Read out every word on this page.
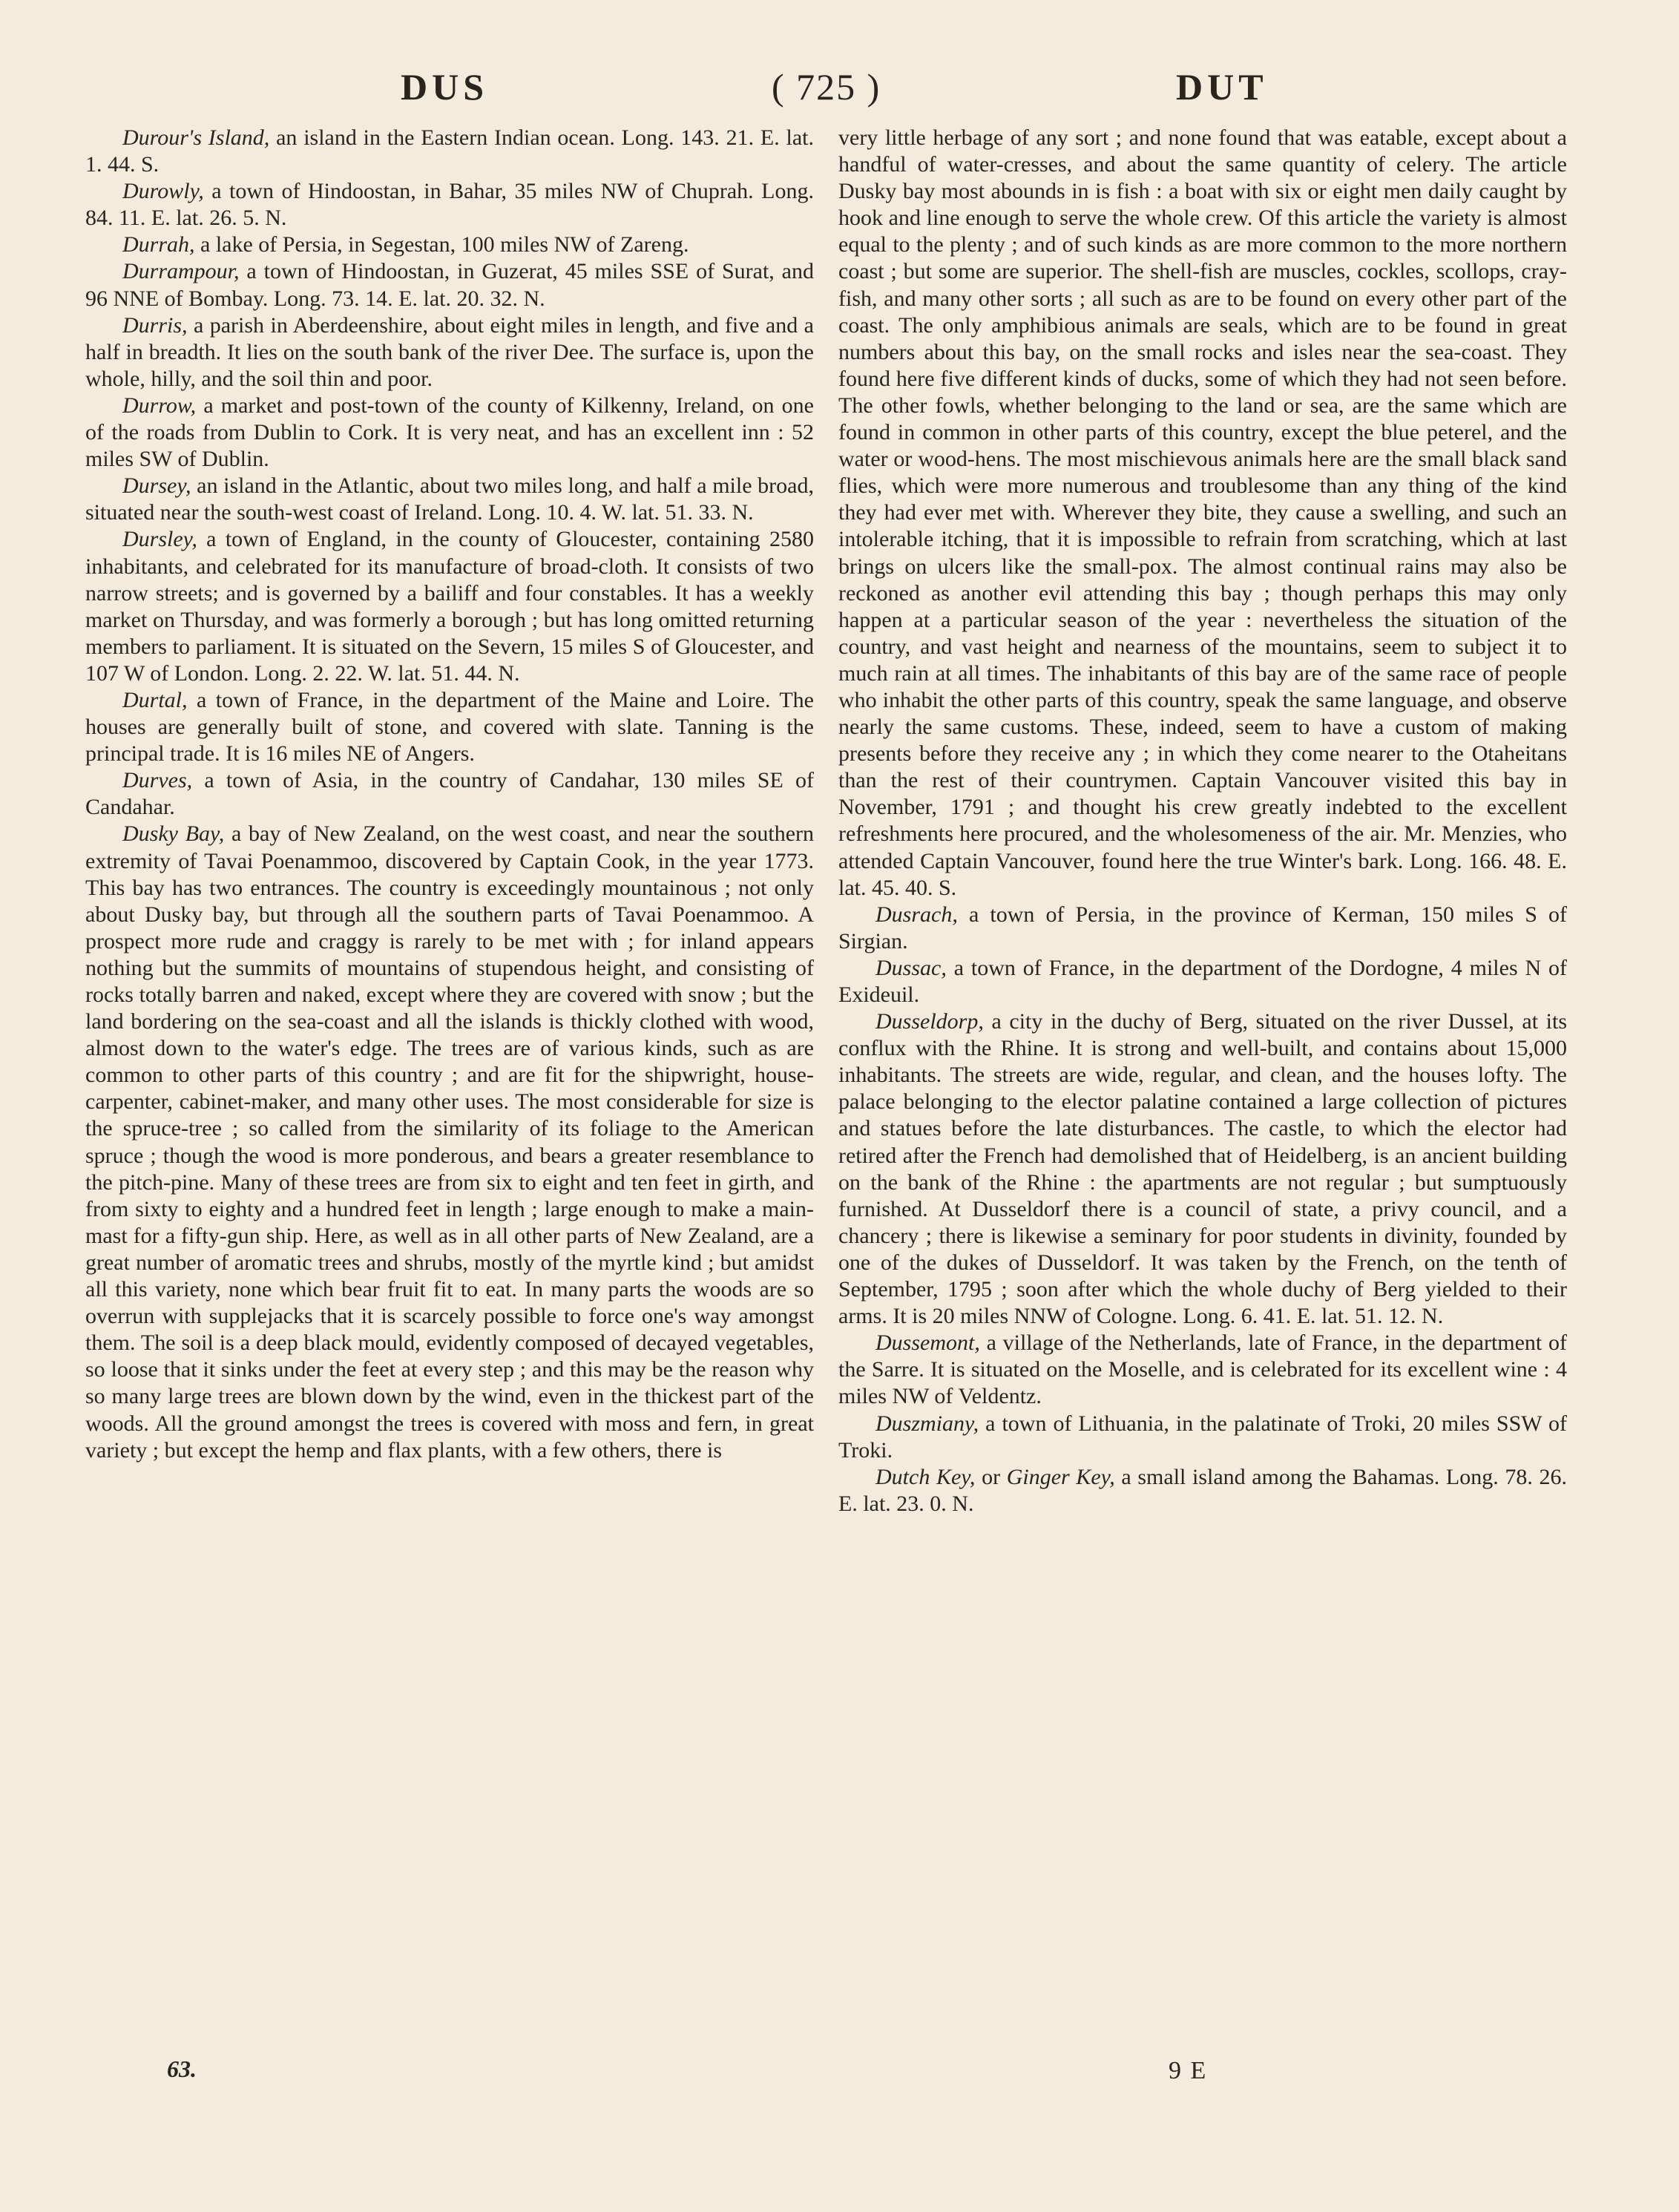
DUS	( 725 )	DUT

Durour's Island, an island in the Eastern Indian ocean. Long. 143. 21. E. lat. 1. 44. S.

Durowly, a town of Hindoostan, in Bahar, 35 miles NW of Chuprah. Long. 84. 11. E. lat. 26. 5. N.

Durrah, a lake of Persia, in Segestan, 100 miles NW of Zareng.

Durrampour, a town of Hindoostan, in Guzerat, 45 miles SSE of Surat, and 96 NNE of Bombay. Long. 73. 14. E. lat. 20. 32. N.

Durris, a parish in Aberdeenshire, about eight miles in length, and five and a half in breadth. It lies on the south bank of the river Dee. The surface is, upon the whole, hilly, and the soil thin and poor.

Durrow, a market and post-town of the county of Kilkenny, Ireland, on one of the roads from Dublin to Cork. It is very neat, and has an excellent inn : 52 miles SW of Dublin.

Dursey, an island in the Atlantic, about two miles long, and half a mile broad, situated near the south-west coast of Ireland. Long. 10. 4. W. lat. 51. 33. N.

Dursley, a town of England, in the county of Gloucester, containing 2580 inhabitants, and celebrated for its manufacture of broad-cloth. It consists of two narrow streets; and is governed by a bailiff and four constables. It has a weekly market on Thursday, and was formerly a borough ; but has long omitted returning members to parliament. It is situated on the Severn, 15 miles S of Gloucester, and 107 W of London. Long. 2. 22. W. lat. 51. 44. N.

Durtal, a town of France, in the department of the Maine and Loire. The houses are generally built of stone, and covered with slate. Tanning is the principal trade. It is 16 miles NE of Angers.

Durves, a town of Asia, in the country of Candahar, 130 miles SE of Candahar.

Dusky Bay, a bay of New Zealand, on the west coast, and near the southern extremity of Tavai Poenammoo, discovered by Captain Cook, in the year 1773. This bay has two entrances. The country is exceedingly mountainous ; not only about Dusky bay, but through all the southern parts of Tavai Poenammoo. A prospect more rude and craggy is rarely to be met with ; for inland appears nothing but the summits of mountains of stupendous height, and consisting of rocks totally barren and naked, except where they are covered with snow ; but the land bordering on the sea-coast and all the islands is thickly clothed with wood, almost down to the water's edge. The trees are of various kinds, such as are common to other parts of this country ; and are fit for the shipwright, house-carpenter, cabinet-maker, and many other uses. The most considerable for size is the spruce-tree ; so called from the similarity of its foliage to the American spruce ; though the wood is more ponderous, and bears a greater resemblance to the pitch-pine. Many of these trees are from six to eight and ten feet in girth, and from sixty to eighty and a hundred feet in length ; large enough to make a main-mast for a fifty-gun ship. Here, as well as in all other parts of New Zealand, are a great number of aromatic trees and shrubs, mostly of the myrtle kind ; but amidst all this variety, none which bear fruit fit to eat. In many parts the woods are so overrun with supplejacks that it is scarcely possible to force one's way amongst them. The soil is a deep black mould, evidently composed of decayed vegetables, so loose that it sinks under the feet at every step ; and this may be the reason why so many large trees are blown down by the wind, even in the thickest part of the woods. All the ground amongst the trees is covered with moss and fern, in great variety ; but except the hemp and flax plants, with a few others, there is

very little herbage of any sort ; and none found that was eatable, except about a handful of water-cresses, and about the same quantity of celery. The article Dusky bay most abounds in is fish : a boat with six or eight men daily caught by hook and line enough to serve the whole crew. Of this article the variety is almost equal to the plenty ; and of such kinds as are more common to the more northern coast ; but some are superior. The shell-fish are muscles, cockles, scollops, cray-fish, and many other sorts ; all such as are to be found on every other part of the coast. The only amphibious animals are seals, which are to be found in great numbers about this bay, on the small rocks and isles near the sea-coast. They found here five different kinds of ducks, some of which they had not seen before. The other fowls, whether belonging to the land or sea, are the same which are found in common in other parts of this country, except the blue peterel, and the water or wood-hens. The most mischievous animals here are the small black sand flies, which were more numerous and troublesome than any thing of the kind they had ever met with. Wherever they bite, they cause a swelling, and such an intolerable itching, that it is impossible to refrain from scratching, which at last brings on ulcers like the small-pox. The almost continual rains may also be reckoned as another evil attending this bay ; though perhaps this may only happen at a particular season of the year : nevertheless the situation of the country, and vast height and nearness of the mountains, seem to subject it to much rain at all times. The inhabitants of this bay are of the same race of people who inhabit the other parts of this country, speak the same language, and observe nearly the same customs. These, indeed, seem to have a custom of making presents before they receive any ; in which they come nearer to the Otaheitans than the rest of their countrymen. Captain Vancouver visited this bay in November, 1791 ; and thought his crew greatly indebted to the excellent refreshments here procured, and the wholesomeness of the air. Mr. Menzies, who attended Captain Vancouver, found here the true Winter's bark. Long. 166. 48. E. lat. 45. 40. S.

Dusrach, a town of Persia, in the province of Kerman, 150 miles S of Sirgian.

Dussac, a town of France, in the department of the Dordogne, 4 miles N of Exideuil.

Dusseldorp, a city in the duchy of Berg, situated on the river Dussel, at its conflux with the Rhine. It is strong and well-built, and contains about 15,000 inhabitants. The streets are wide, regular, and clean, and the houses lofty. The palace belonging to the elector palatine contained a large collection of pictures and statues before the late disturbances. The castle, to which the elector had retired after the French had demolished that of Heidelberg, is an ancient building on the bank of the Rhine : the apartments are not regular ; but sumptuously furnished. At Dusseldorf there is a council of state, a privy council, and a chancery ; there is likewise a seminary for poor students in divinity, founded by one of the dukes of Dusseldorf. It was taken by the French, on the tenth of September, 1795 ; soon after which the whole duchy of Berg yielded to their arms. It is 20 miles NNW of Cologne. Long. 6. 41. E. lat. 51. 12. N.

Dussemont, a village of the Netherlands, late of France, in the department of the Sarre. It is situated on the Moselle, and is celebrated for its excellent wine : 4 miles NW of Veldentz.

Duszmiany, a town of Lithuania, in the palatinate of Troki, 20 miles SSW of Troki.

Dutch Key, or Ginger Key, a small island among the Bahamas. Long. 78. 26. E. lat. 23. 0. N.

63.	9 E
